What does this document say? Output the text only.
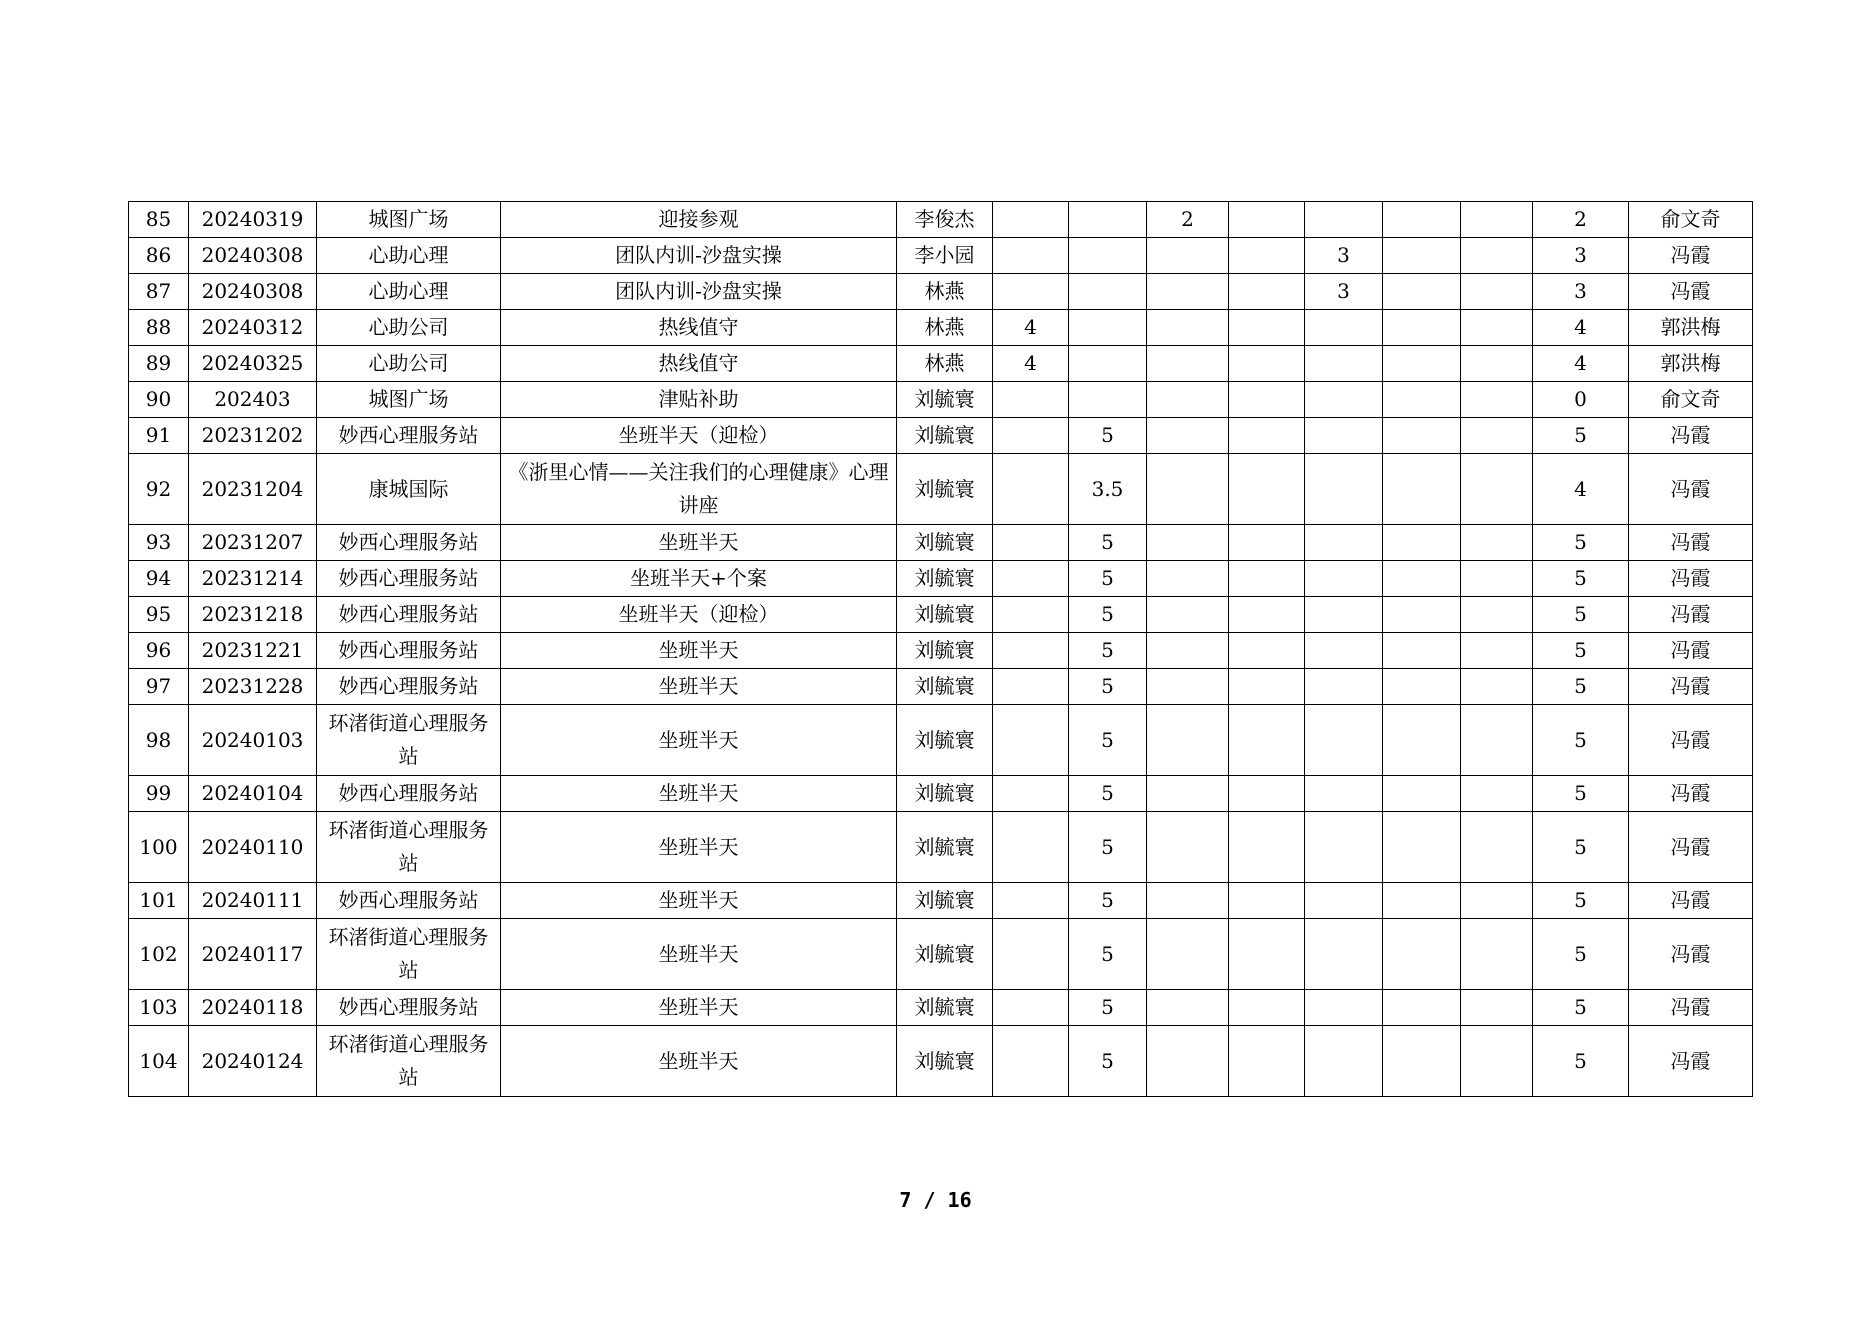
85	20240319	城图广场	迎接参观	李俊杰			2					2	俞文奇
86	20240308	心助心理	团队内训-沙盘实操	李小园					3			3	冯霞
87	20240308	心助心理	团队内训-沙盘实操	林燕					3			3	冯霞
88	20240312	心助公司	热线值守	林燕	4							4	郭洪梅
89	20240325	心助公司	热线值守	林燕	4							4	郭洪梅
90	202403	城图广场	津贴补助	刘毓寰								0	俞文奇
91	20231202	妙西心理服务站	坐班半天（迎检）	刘毓寰		5						5	冯霞
92	20231204	康城国际	《浙里心情——关注我们的心理健康》心理讲座	刘毓寰		3.5						4	冯霞
93	20231207	妙西心理服务站	坐班半天	刘毓寰		5						5	冯霞
94	20231214	妙西心理服务站	坐班半天+个案	刘毓寰		5						5	冯霞
95	20231218	妙西心理服务站	坐班半天（迎检）	刘毓寰		5						5	冯霞
96	20231221	妙西心理服务站	坐班半天	刘毓寰		5						5	冯霞
97	20231228	妙西心理服务站	坐班半天	刘毓寰		5						5	冯霞
98	20240103	环渚街道心理服务站	坐班半天	刘毓寰		5						5	冯霞
99	20240104	妙西心理服务站	坐班半天	刘毓寰		5						5	冯霞
100	20240110	环渚街道心理服务站	坐班半天	刘毓寰		5						5	冯霞
101	20240111	妙西心理服务站	坐班半天	刘毓寰		5						5	冯霞
102	20240117	环渚街道心理服务站	坐班半天	刘毓寰		5						5	冯霞
103	20240118	妙西心理服务站	坐班半天	刘毓寰		5						5	冯霞
104	20240124	环渚街道心理服务站	坐班半天	刘毓寰		5						5	冯霞
7 / 16
